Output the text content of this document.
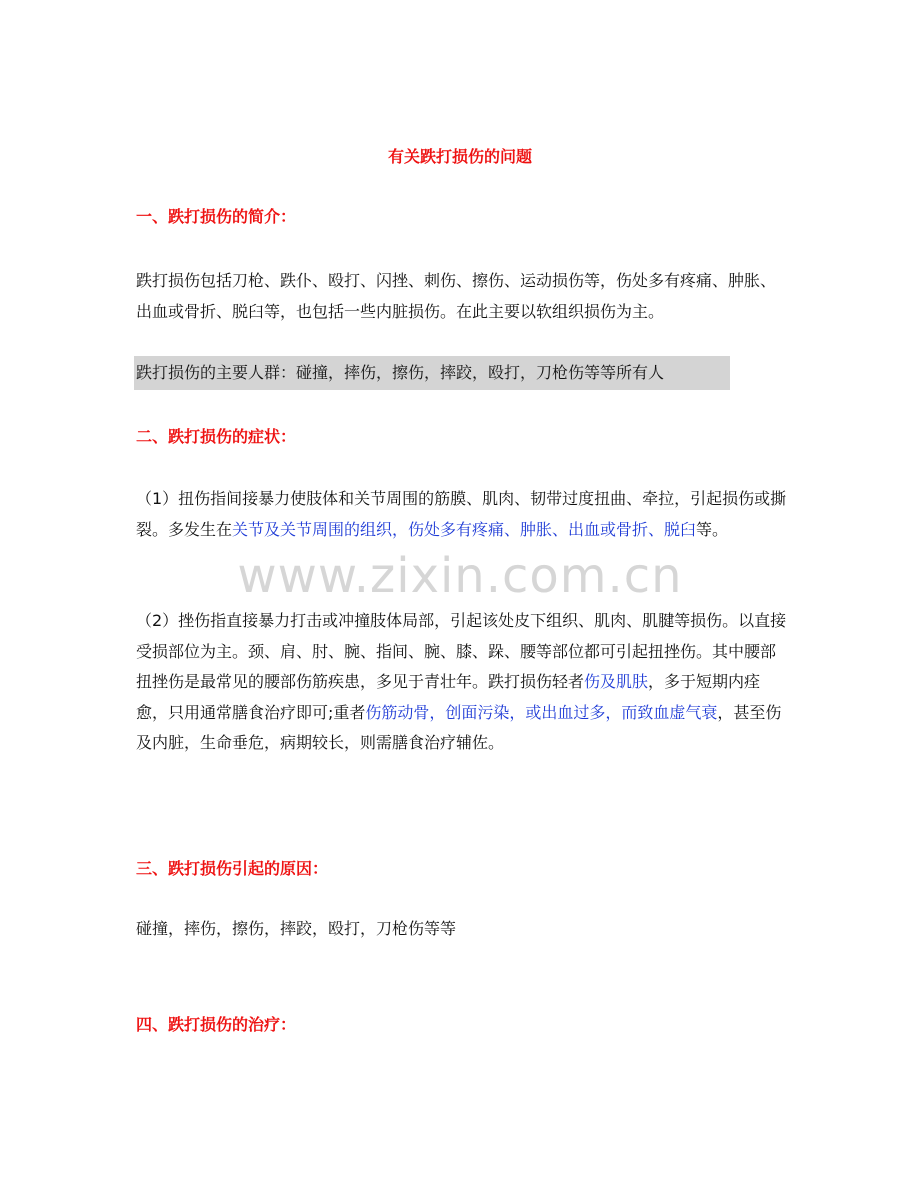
有关跌打损伤的问题
一、跌打损伤的简介：
跌打损伤包括刀枪、跌仆、殴打、闪挫、刺伤、擦伤、运动损伤等，伤处多有疼痛、肿胀、出血或骨折、脱臼等，也包括一些内脏损伤。在此主要以软组织损伤为主。
跌打损伤的主要人群：碰撞，摔伤，擦伤，摔跤，殴打，刀枪伤等等所有人
二、跌打损伤的症状：
（1）扭伤指间接暴力使肢体和关节周围的筋膜、肌肉、韧带过度扭曲、牵拉，引起损伤或撕裂。多发生在关节及关节周围的组织，伤处多有疼痛、肿胀、出血或骨折、脱臼等。
（2）挫伤指直接暴力打击或冲撞肢体局部，引起该处皮下组织、肌肉、肌腱等损伤。以直接受损部位为主。颈、肩、肘、腕、指间、腕、膝、跺、腰等部位都可引起扭挫伤。其中腰部扭挫伤是最常见的腰部伤筋疾患，多见于青壮年。跌打损伤轻者伤及肌肤，多于短期内痊愈，只用通常膳食治疗即可;重者伤筋动骨，创面污染，或出血过多，而致血虚气衰，甚至伤及内脏，生命垂危，病期较长，则需膳食治疗辅佐。
三、跌打损伤引起的原因：
碰撞，摔伤，擦伤，摔跤，殴打，刀枪伤等等
四、跌打损伤的治疗：
www.zixin.com.cn
